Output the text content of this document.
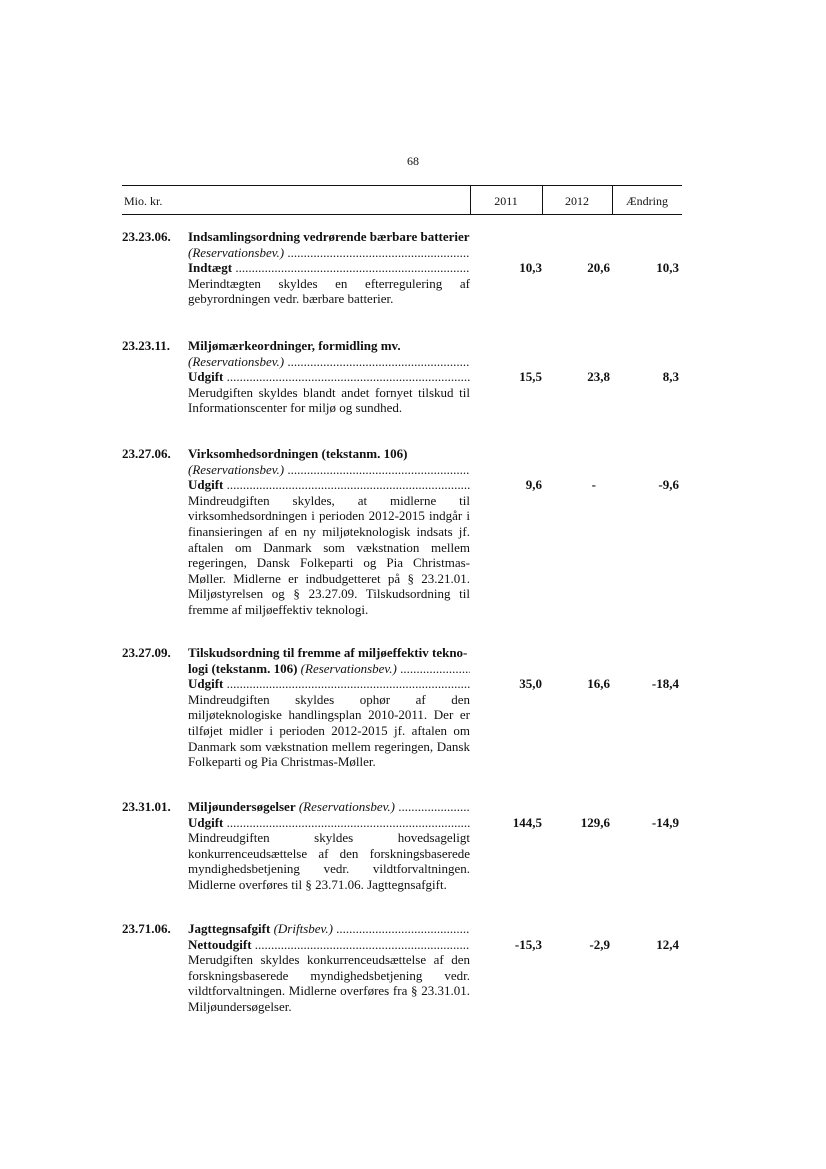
68
Mio. kr.	2011	2012	Ændring
23.23.06. Indsamlingsordning vedrørende bærbare batterier
(Reservationsbev.) .....
Indtægt .....	10,3	20,6	10,3
Merindtægten skyldes en efterregulering af gebyrordningen vedr. bærbare batterier.
23.23.11. Miljømærkeordninger, formidling mv.
(Reservationsbev.) .....
Udgift .....	15,5	23,8	8,3
Merudgiften skyldes blandt andet fornyet tilskud til Informationscenter for miljø og sundhed.
23.27.06. Virksomhedsordningen (tekstanm. 106)
(Reservationsbev.) .....
Udgift .....	9,6	-	-9,6
Mindreudgiften skyldes, at midlerne til virksomhedsordningen i perioden 2012-2015 indgår i finansieringen af en ny miljøteknologisk indsats jf. aftalen om Danmark som vækstnation mellem regeringen, Dansk Folkeparti og Pia Christmas-Møller. Midlerne er indbudgetteret på § 23.21.01. Miljøstyrelsen og § 23.27.09. Tilskudsordning til fremme af miljøeffektiv teknologi.
23.27.09. Tilskudsordning til fremme af miljøeffektiv tekno-
logi (tekstanm. 106) (Reservationsbev.) .....
Udgift .....	35,0	16,6	-18,4
Mindreudgiften skyldes ophør af den miljøteknologiske handlingsplan 2010-2011. Der er tilføjet midler i perioden 2012-2015 jf. aftalen om Danmark som vækstnation mellem regeringen, Dansk Folkeparti og Pia Christmas-Møller.
23.31.01. Miljøundersøgelser (Reservationsbev.) .....
Udgift .....	144,5	129,6	-14,9
Mindreudgiften skyldes hovedsageligt konkurrenceudsættelse af den forskningsbaserede myndighedsbetjening vedr. vildtforvaltningen. Midlerne overføres til § 23.71.06. Jagttegnsafgift.
23.71.06. Jagttegnsafgift (Driftsbev.) .....
Nettoudgift .....	-15,3	-2,9	12,4
Merudgiften skyldes konkurrenceudsættelse af den forskningsbaserede myndighedsbetjening vedr. vildtforvaltningen. Midlerne overføres fra § 23.31.01. Miljøundersøgelser.
